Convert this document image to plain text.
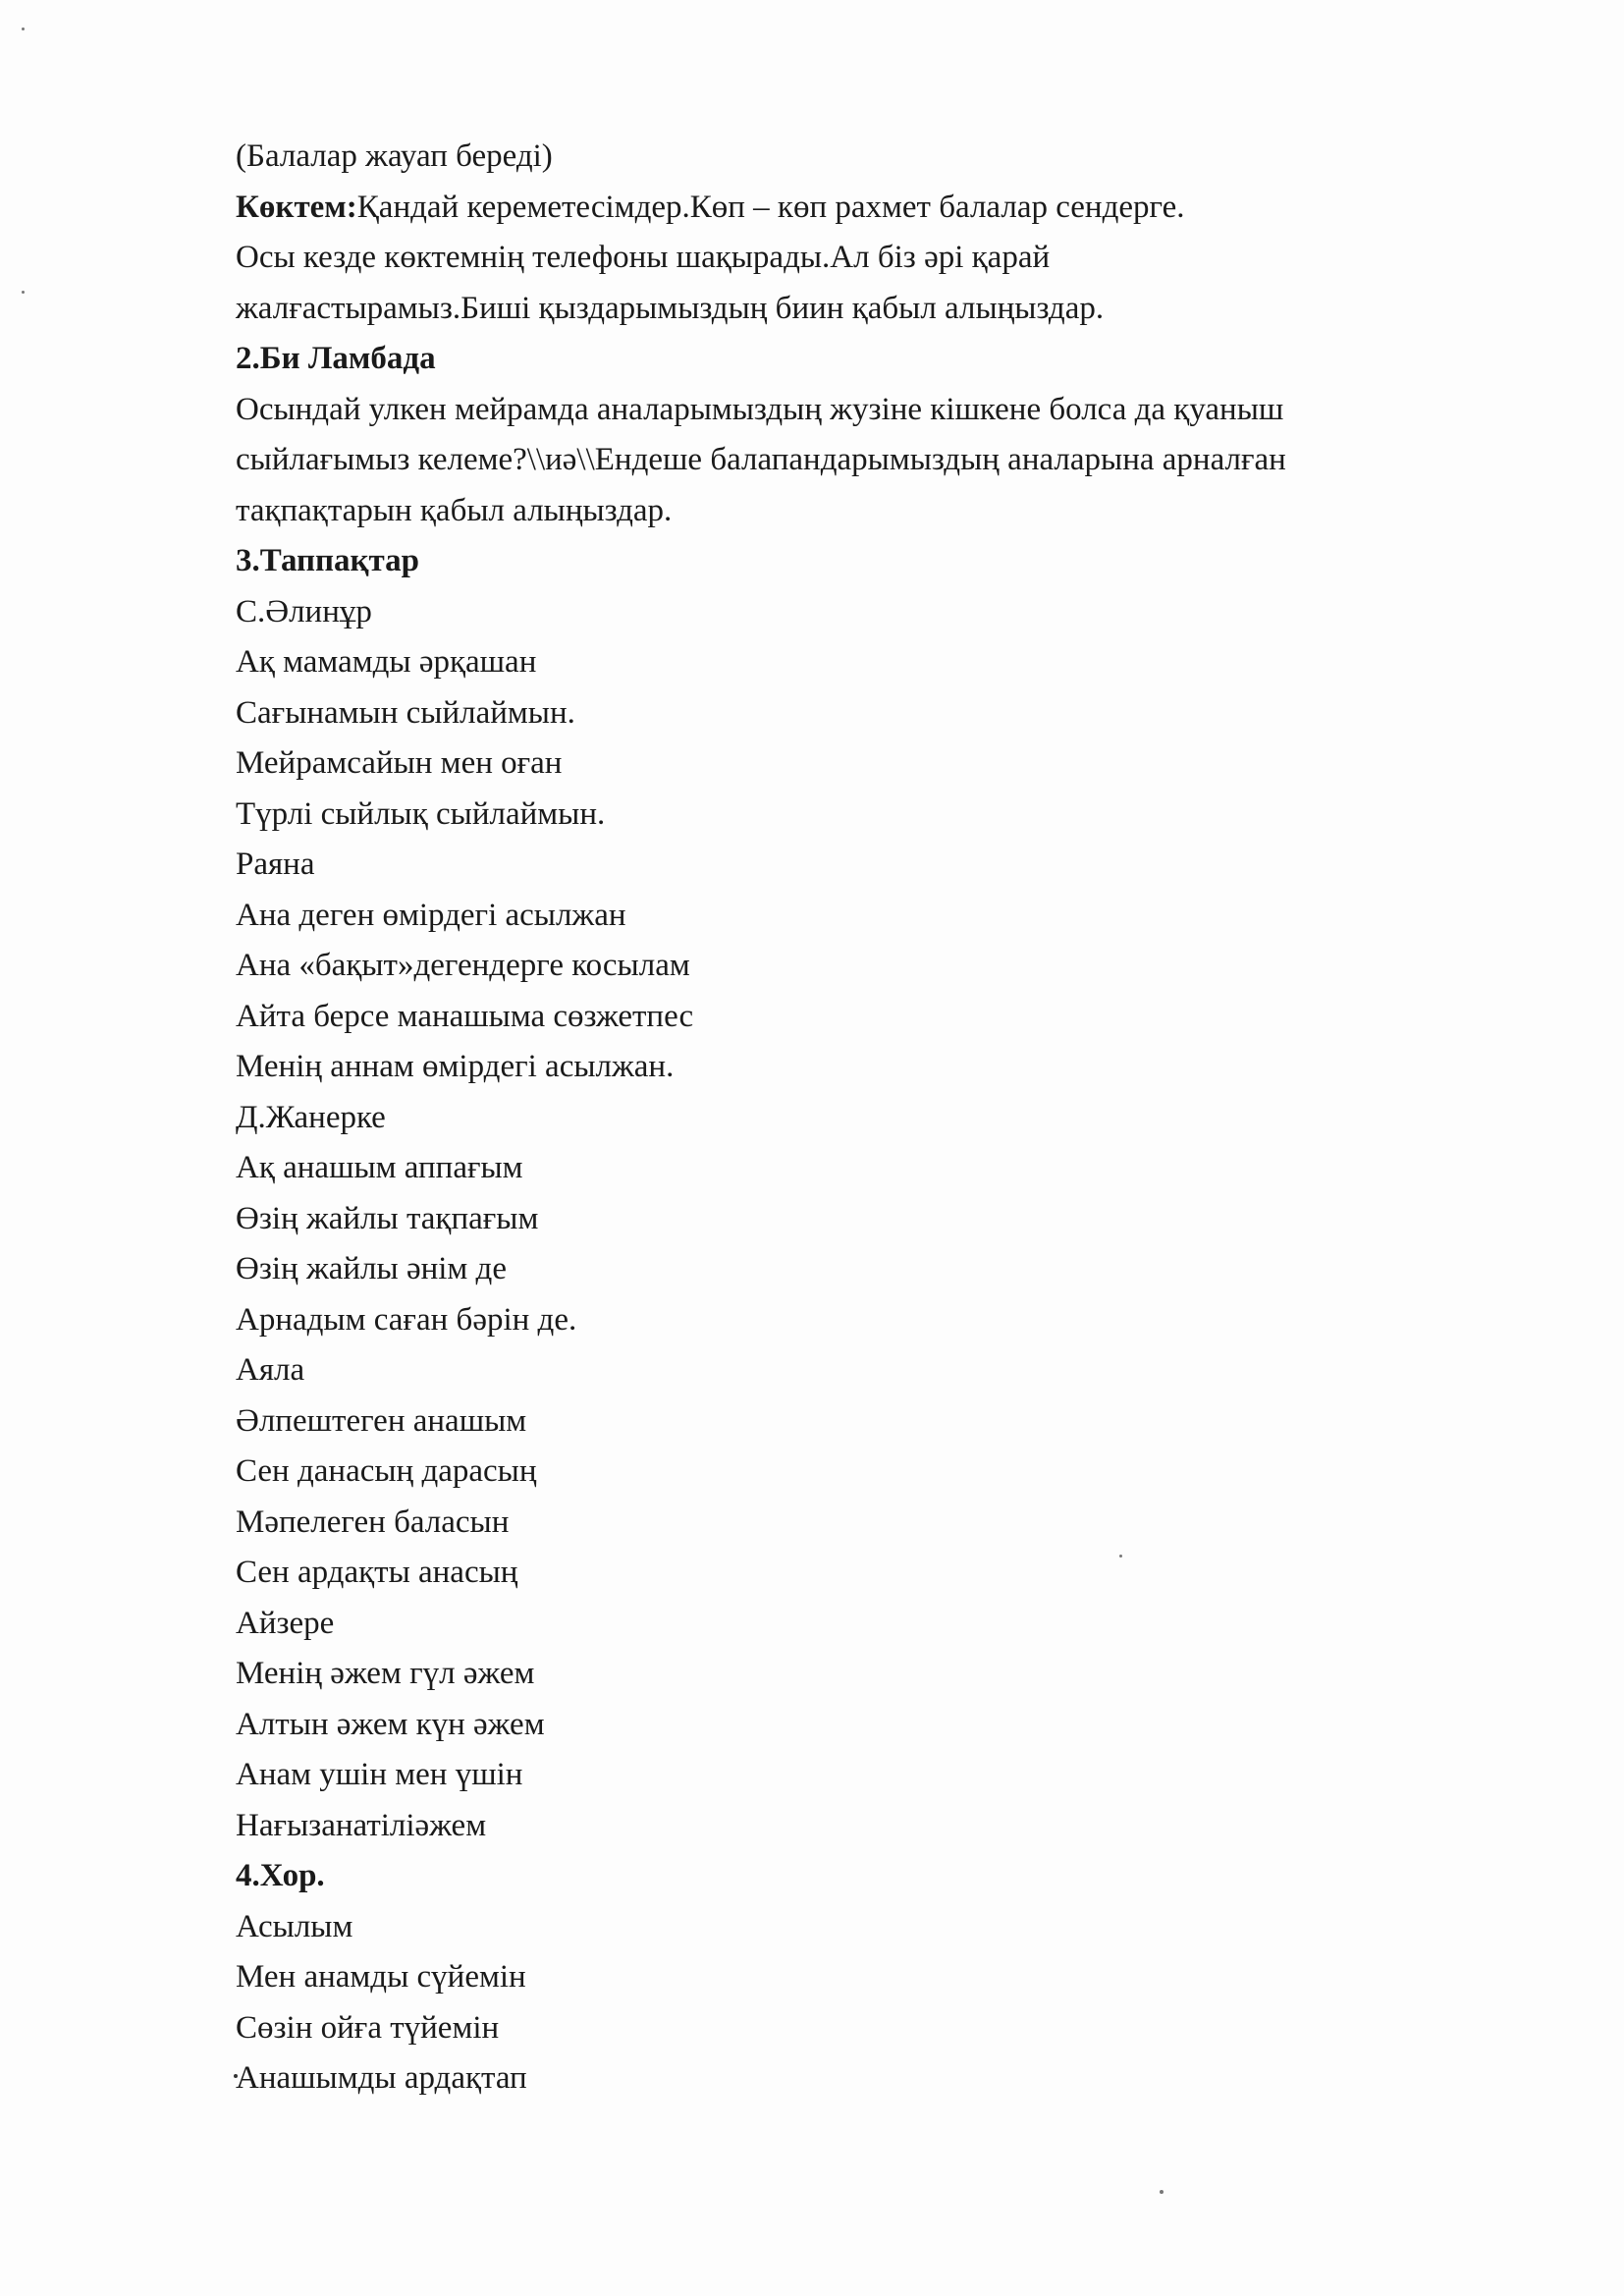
(Балалар жауап береді)
Көктем:Қандай кереметесімдер.Көп – көп рахмет балалар сендерге.
Осы кезде көктемнің телефоны шақырады.Ал біз әрі қарай
жалғастырамыз.Биші қыздарымыздың биин қабыл алыңыздар.
2.Би Ламбада
Осындай улкен мейрамда аналарымыздың жузіне кішкене болса да қуаныш
сыйлағымыз келеме?\\иә\\Ендеше балапандарымыздың аналарына арналған
тақпақтарын қабыл алыңыздар.
3.Таппақтар
С.Әлинұр
Ақ мамамды әрқашан
Сағынамын сыйлаймын.
Мейрамсайын мен оған
Түрлі сыйлық сыйлаймын.
Раяна
Ана деген өмірдегі асылжан
Ана «бақыт»дегендерге косылам
Айта берсе манашыма сөзжетпес
Менің аннам өмірдегі асылжан.
Д.Жанерке
Ақ анашым аппағым
Өзің жайлы тақпағым
Өзің жайлы әнім де
Арнадым саған бәрін де.
Аяла
Әлпештеген анашым
Сен данасың дарасың
Мәпелеген баласын
Сен ардақты анасың
Айзере
Менің әжем гүл әжем
Алтын әжем күн әжем
Анам ушін мен үшін
Нағызанатіліәжем
4.Хор.
Асылым
Мен анамды сүйемін
Сөзін ойға түйемін
Анашымды ардақтап
